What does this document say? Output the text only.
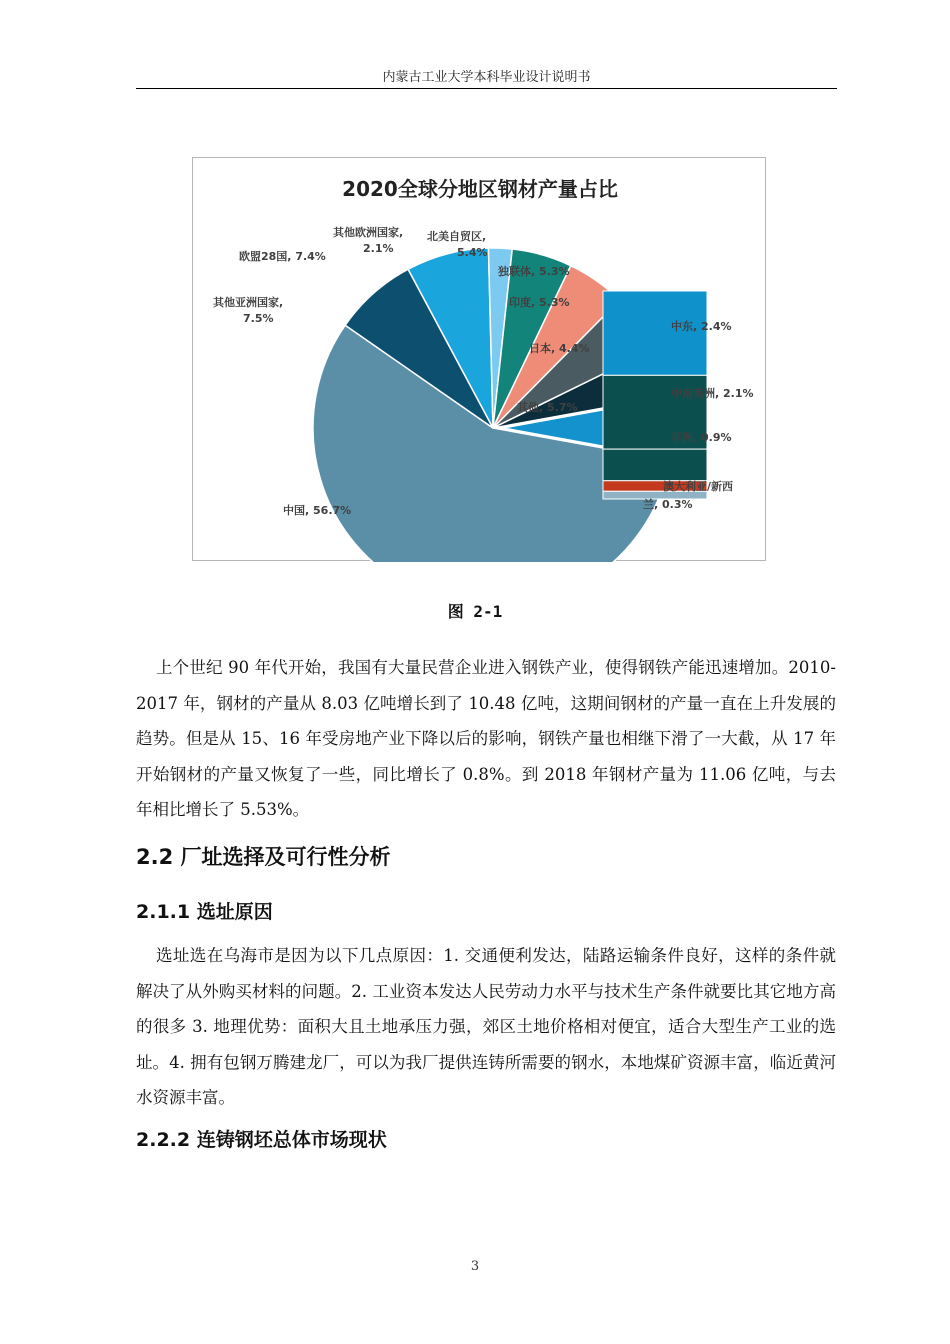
内蒙古工业大学本科毕业设计说明书
2020全球分地区钢材产量占比
中国, 56.7%
其他亚洲国家,
7.5%
欧盟28国, 7.4%
其他欧洲国家,
2.1%
北美自贸区,
5.4%
独联体, 5.3%
印度, 5.3%
日本, 4.4%
其他, 5.7%
中东, 2.4%
中南美洲, 2.1%
非洲, 0.9%
澳大利亚/新西
兰, 0.3%
图 2-1

上个世纪 90 年代开始，我国有大量民营企业进入钢铁产业，使得钢铁产能迅速增加。2010-2017 年，钢材的产量从 8.03 亿吨增长到了 10.48 亿吨，这期间钢材的产量一直在上升发展的趋势。但是从 15、16 年受房地产业下降以后的影响，钢铁产量也相继下滑了一大截，从 17 年开始钢材的产量又恢复了一些，同比增长了 0.8%。到 2018 年钢材产量为 11.06 亿吨，与去年相比增长了 5.53%。

2.2 厂址选择及可行性分析
2.1.1 选址原因

选址选在乌海市是因为以下几点原因：1. 交通便利发达，陆路运输条件良好，这样的条件就解决了从外购买材料的问题。2. 工业资本发达人民劳动力水平与技术生产条件就要比其它地方高的很多 3. 地理优势：面积大且土地承压力强，郊区土地价格相对便宜，适合大型生产工业的选址。4. 拥有包钢万腾建龙厂，可以为我厂提供连铸所需要的钢水，本地煤矿资源丰富，临近黄河水资源丰富。

2.2.2 连铸钢坯总体市场现状
3
